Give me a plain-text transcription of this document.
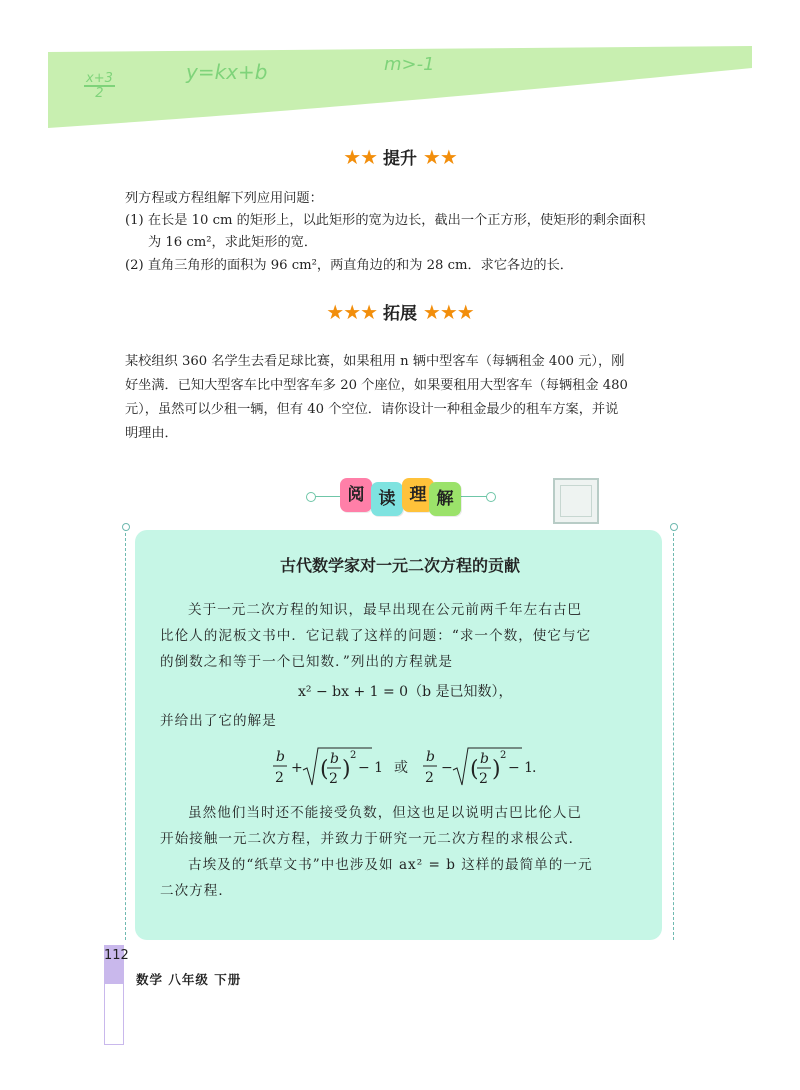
x+3
2
y=kx+b	m>-1
★★ 提升 ★★
列方程或方程组解下列应用问题：
(1) 在长是 10 cm 的矩形上，以此矩形的宽为边长，截出一个正方形，使矩形的剩余面积
为 16 cm²，求此矩形的宽．
(2) 直角三角形的面积为 96 cm²，两直角边的和为 28 cm．求它各边的长．
★★★ 拓展 ★★★
某校组织 360 名学生去看足球比赛，如果租用 n 辆中型客车（每辆租金 400 元），刚
好坐满．已知大型客车比中型客车多 20 个座位，如果要租用大型客车（每辆租金 480
元），虽然可以少租一辆，但有 40 个空位．请你设计一种租金最少的租车方案，并说
明理由．
阅 读 理 解
古代数学家对一元二次方程的贡献
关于一元二次方程的知识，最早出现在公元前两千年左右古巴
比伦人的泥板文书中．它记载了这样的问题：“求一个数，使它与它
的倒数之和等于一个已知数．”列出的方程就是
x² − bx + 1 = 0（b 是已知数），
并给出了它的解是
b
2
+ ( b
2 )
2
− 1 或
b
2
− ( b
2 )
2
− 1
.
虽然他们当时还不能接受负数，但这也足以说明古巴比伦人已
开始接触一元二次方程，并致力于研究一元二次方程的求根公式．
古埃及的“纸草文书”中也涉及如 ax² = b 这样的最简单的一元
二次方程．
112
数学 八年级 下册
